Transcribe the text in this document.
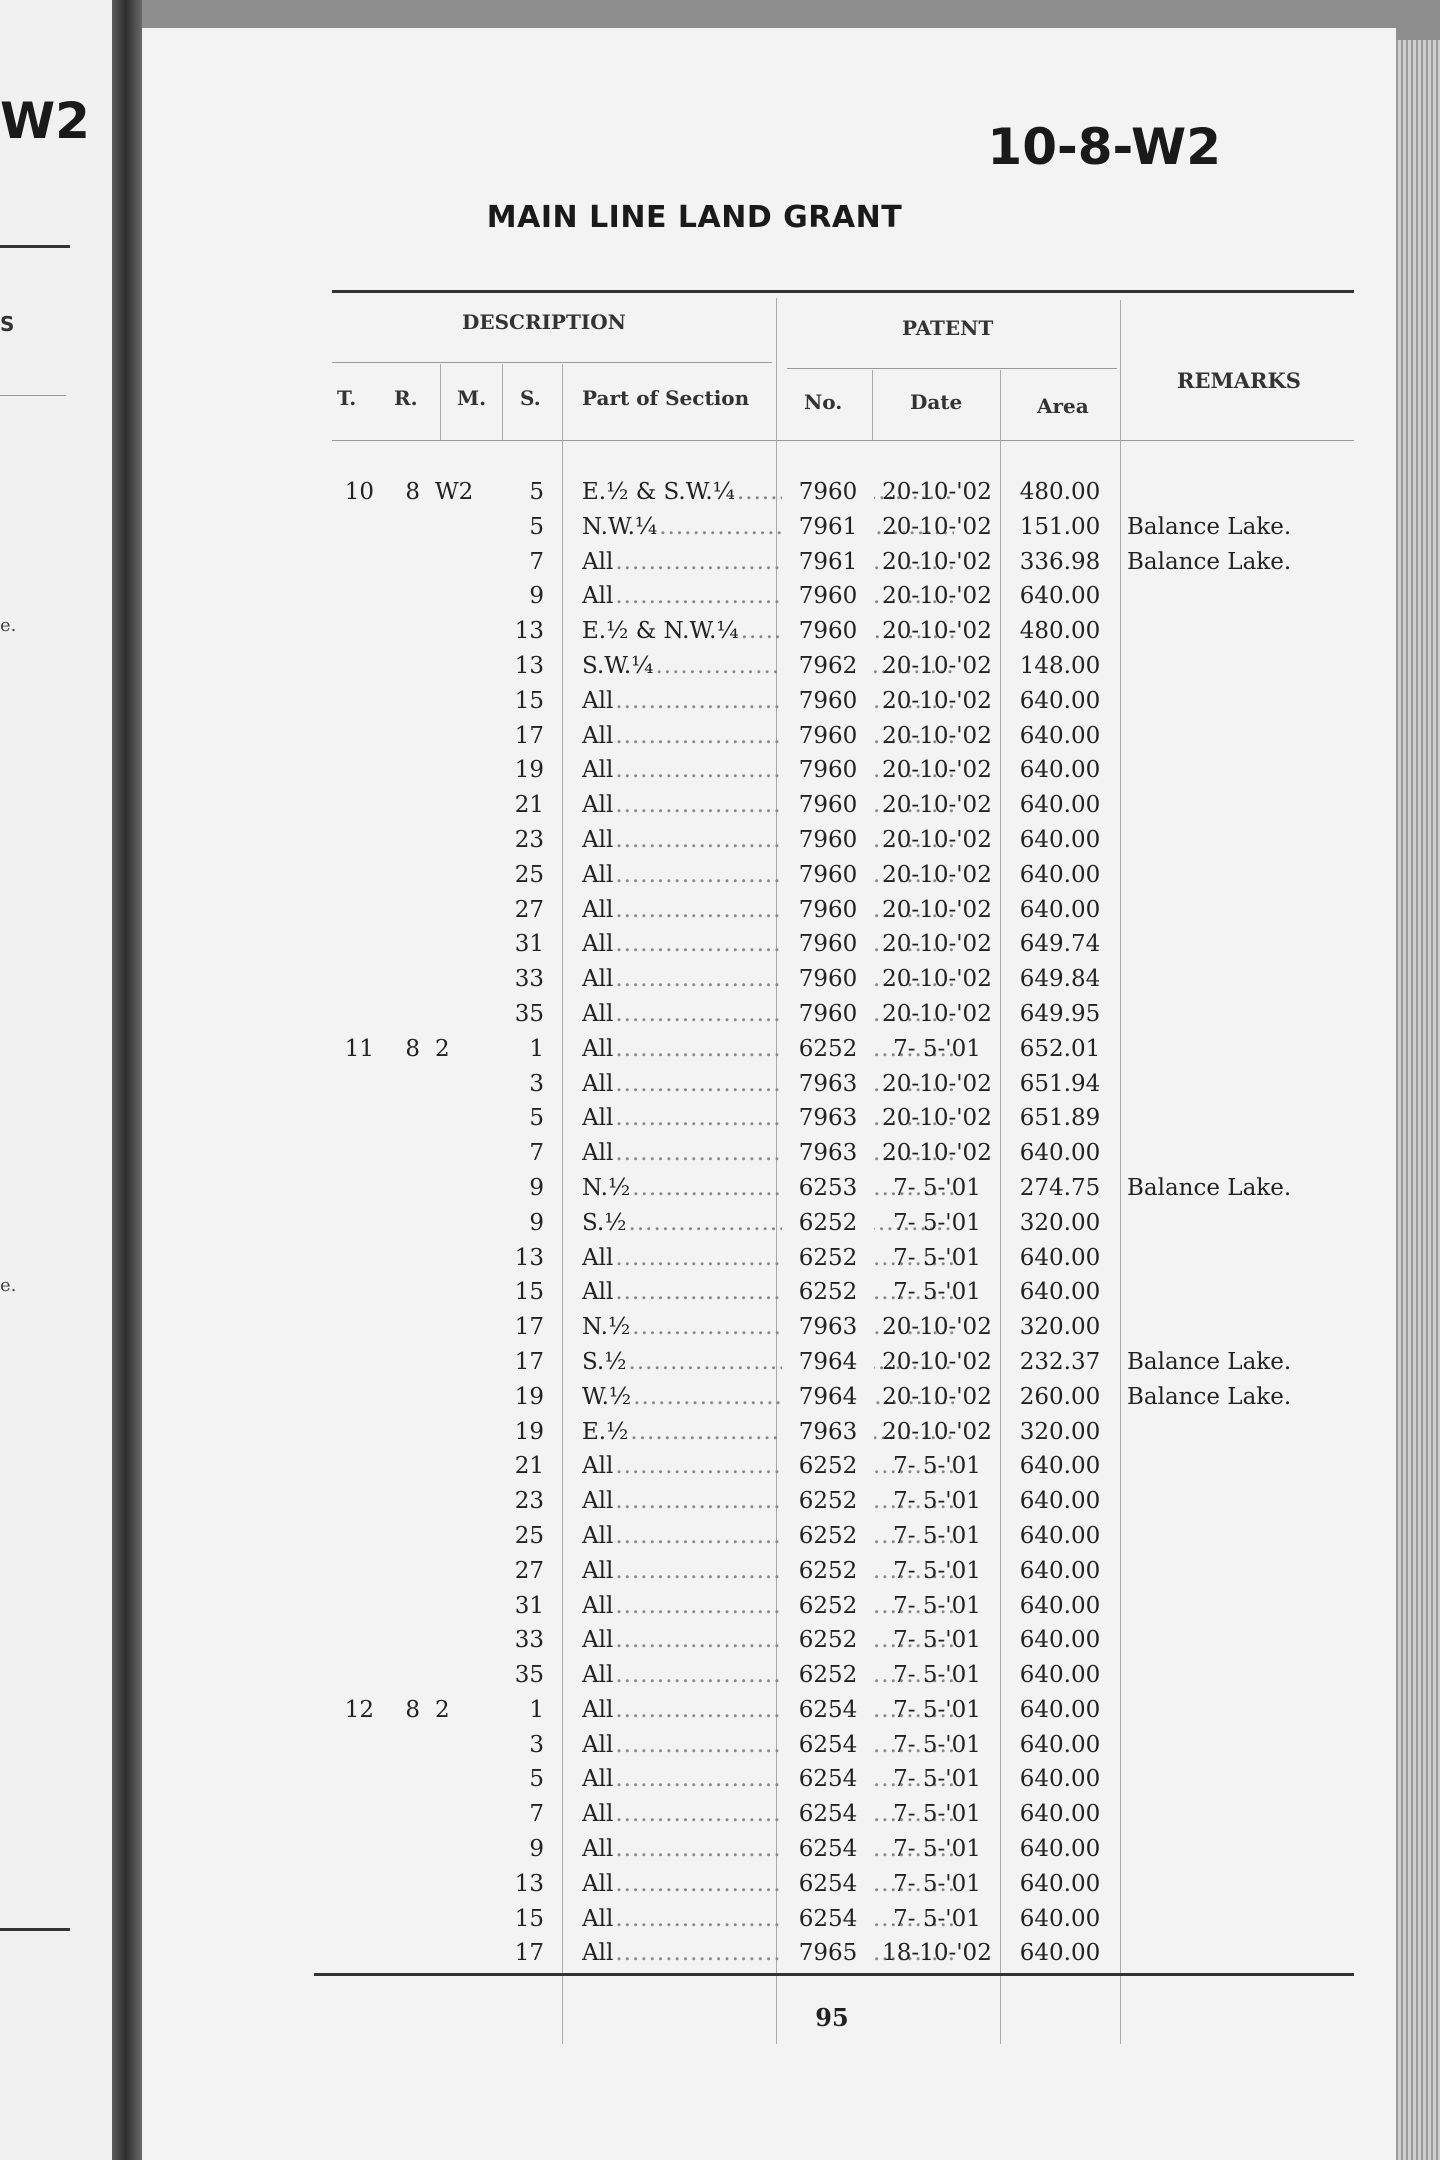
W2
S
e.
e.
10-8-W2
MAIN LINE LAND GRANT
DESCRIPTION	PATENT
REMARKS
T. R. M. S. Part of Section	No.	Date	Area
10	8 W2	5 E.½ & S.W.¼ .....	7960	20-10-'02	480.00
5 N.W.¼ .....	7961	20-10-'02	151.00	Balance Lake.
7 All .....	7961	20-10-'02	336.98	Balance Lake.
9 All .....	7960	20-10-'02	640.00
13 E.½ & N.W.¼ .....	7960	20-10-'02	480.00
13 S.W.¼ .....	7962	20-10-'02	148.00
15 All .....	7960	20-10-'02	640.00
17 All .....	7960	20-10-'02	640.00
19 All .....	7960	20-10-'02	640.00
21 All .....	7960	20-10-'02	640.00
23 All .....	7960	20-10-'02	640.00
25 All .....	7960	20-10-'02	640.00
27 All .....	7960	20-10-'02	640.00
31 All .....	7960	20-10-'02	649.74
33 All .....	7960	20-10-'02	649.84
35 All .....	7960	20-10-'02	649.95
11	8 2	1 All .....	6252	7- 5-'01	652.01
3 All .....	7963	20-10-'02	651.94
5 All .....	7963	20-10-'02	651.89
7 All .....	7963	20-10-'02	640.00
9 N.½ .....	6253	7- 5-'01	274.75	Balance Lake.
9 S.½ .....	6252	7- 5-'01	320.00
13 All .....	6252	7- 5-'01	640.00
15 All .....	6252	7- 5-'01	640.00
17 N.½ .....	7963	20-10-'02	320.00
17 S.½ .....	7964	20-10-'02	232.37	Balance Lake.
19 W.½ .....	7964	20-10-'02	260.00	Balance Lake.
19 E.½ .....	7963	20-10-'02	320.00
21 All .....	6252	7- 5-'01	640.00
23 All .....	6252	7- 5-'01	640.00
25 All .....	6252	7- 5-'01	640.00
27 All .....	6252	7- 5-'01	640.00
31 All .....	6252	7- 5-'01	640.00
33 All .....	6252	7- 5-'01	640.00
35 All .....	6252	7- 5-'01	640.00
12	8 2	1 All .....	6254	7- 5-'01	640.00
3 All .....	6254	7- 5-'01	640.00
5 All .....	6254	7- 5-'01	640.00
7 All .....	6254	7- 5-'01	640.00
9 All .....	6254	7- 5-'01	640.00
13 All .....	6254	7- 5-'01	640.00
15 All .....	6254	7- 5-'01	640.00
17 All .....	7965	18-10-'02	640.00
95
